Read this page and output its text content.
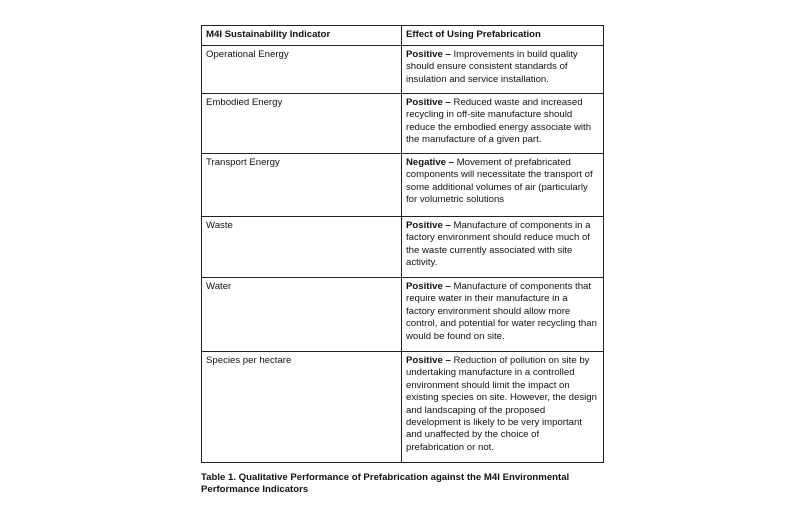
M4I Sustainability Indicator	Effect of Using Prefabrication
Operational Energy	Positive – Improvements in build quality should ensure consistent standards of insulation and service installation.
Embodied Energy	Positive – Reduced waste and increased recycling in off-site manufacture should reduce the embodied energy associate with the manufacture of a given part.
Transport Energy	Negative – Movement of prefabricated components will necessitate the transport of some additional volumes of air (particularly for volumetric solutions
Waste	Positive – Manufacture of components in a factory environment should reduce much of the waste currently associated with site activity.
Water	Positive – Manufacture of components that require water in their manufacture in a factory environment should allow more control, and potential for water recycling than would be found on site.
Species per hectare	Positive – Reduction of pollution on site by undertaking manufacture in a controlled environment should limit the impact on existing species on site. However, the design and landscaping of the proposed development is likely to be very important and unaffected by the choice of prefabrication or not.
Table 1. Qualitative Performance of Prefabrication against the M4I Environmental Performance Indicators
